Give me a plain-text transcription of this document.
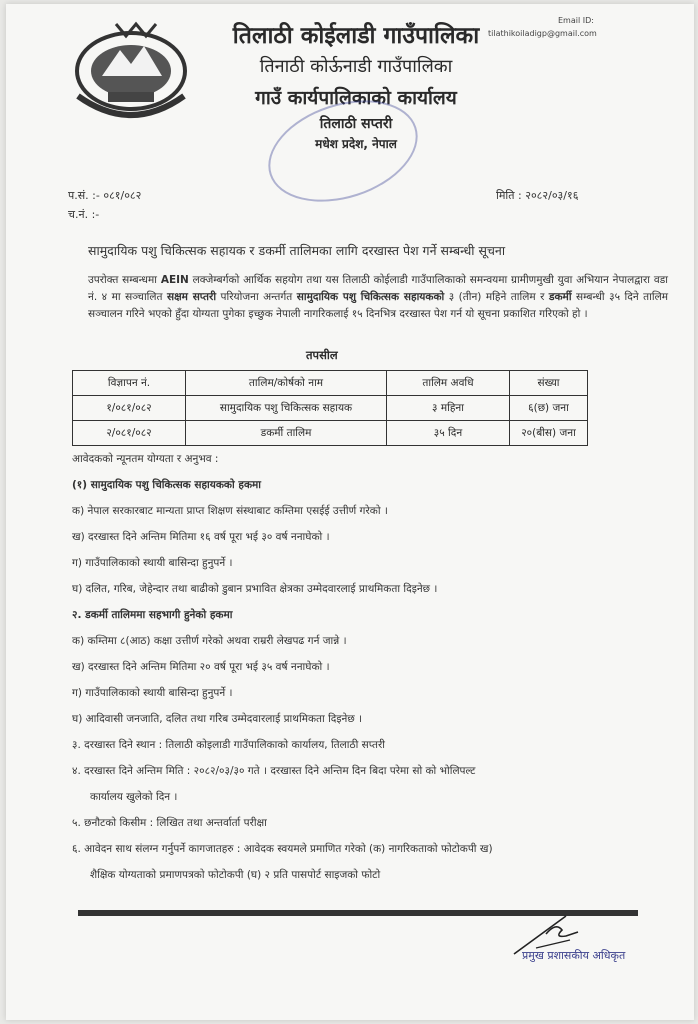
तिलाठी कोईलाडी गाउँपालिका
तिनाठी कोर्ऊनाडी गाउँपालिका
गाउँ कार्यपालिकाको कार्यालय
तिलाठी सप्तरी
मधेश प्रदेश, नेपाल
Email ID:
tilathikoiladigp@gmail.com
प.सं. :- ०८१/०८२
च.नं. :-
मिति : २०८२/०३/१६
सामुदायिक पशु चिकित्सक सहायक र डकर्मी तालिमका लागि दरखास्त पेश गर्ने सम्बन्धी सूचना
उपरोक्त सम्बन्धमा AEIN लक्जेम्बर्गको आर्थिक सहयोग तथा यस तिलाठी कोईलाडी गाउँपालिकाको समन्वयमा ग्रामीणमुखी युवा अभियान नेपालद्वारा वडा नं. ४ मा सञ्चालित सक्षम सप्तरी परियोजना अन्तर्गत सामुदायिक पशु चिकित्सक सहायकको ३ (तीन) महिने तालिम र डकर्मी सम्बन्धी ३५ दिने तालिम सञ्चालन गरिने भएको हुँदा योग्यता पुगेका इच्छुक नेपाली नागरिकलाई १५ दिनभित्र दरखास्त पेश गर्न यो सूचना प्रकाशित गरिएको हो ।
तपसील
विज्ञापन नं.	तालिम/कोर्षको नाम	तालिम अवधि	संख्या
१/०८१/०८२	सामुदायिक पशु चिकित्सक सहायक	३ महिना	६(छ) जना
२/०८१/०८२	डकर्मी तालिम	३५ दिन	२०(बीस) जना
आवेदकको न्यूनतम योग्यता र अनुभव :
(१) सामुदायिक पशु चिकित्सक सहायकको हकमा
क) नेपाल सरकारबाट मान्यता प्राप्त शिक्षण संस्थाबाट कम्तिमा एसईई उत्तीर्ण गरेको ।
ख) दरखास्त दिने अन्तिम मितिमा १६ वर्ष पूरा भई ३० वर्ष ननाघेको ।
ग) गाउँपालिकाको स्थायी बासिन्दा हुनुपर्ने ।
घ) दलित, गरिब, जेहेन्दार तथा बाढीको डुबान प्रभावित क्षेत्रका उम्मेदवारलाई प्राथमिकता दिइनेछ ।
२. डकर्मी तालिममा सहभागी हुनेको हकमा
क) कम्तिमा ८(आठ) कक्षा उत्तीर्ण गरेको अथवा राम्ररी लेखपढ गर्न जान्ने ।
ख) दरखास्त दिने अन्तिम मितिमा २० वर्ष पूरा भई ३५ वर्ष ननाघेको ।
ग) गाउँपालिकाको स्थायी बासिन्दा हुनुपर्ने ।
घ) आदिवासी जनजाति, दलित तथा गरिब उम्मेदवारलाई प्राथमिकता दिइनेछ ।
३. दरखास्त दिने स्थान : तिलाठी कोइलाडी गाउँपालिकाको कार्यालय, तिलाठी सप्तरी
४. दरखास्त दिने अन्तिम मिति : २०८२/०३/३० गते । दरखास्त दिने अन्तिम दिन बिदा परेमा सो को भोलिपल्ट
कार्यालय खुलेको दिन ।
५. छनौटको किसीम : लिखित तथा अन्तर्वार्ता परीक्षा
६. आवेदन साथ संलग्न गर्नुपर्ने कागजातहरु : आवेदक स्वयमले प्रमाणित गरेको (क) नागरिकताको फोटोकपी ख)
शैक्षिक योग्यताको प्रमाणपत्रको फोटोकपी (घ) २ प्रति पासपोर्ट साइजको फोटो
प्रमुख प्रशासकीय अधिकृत
